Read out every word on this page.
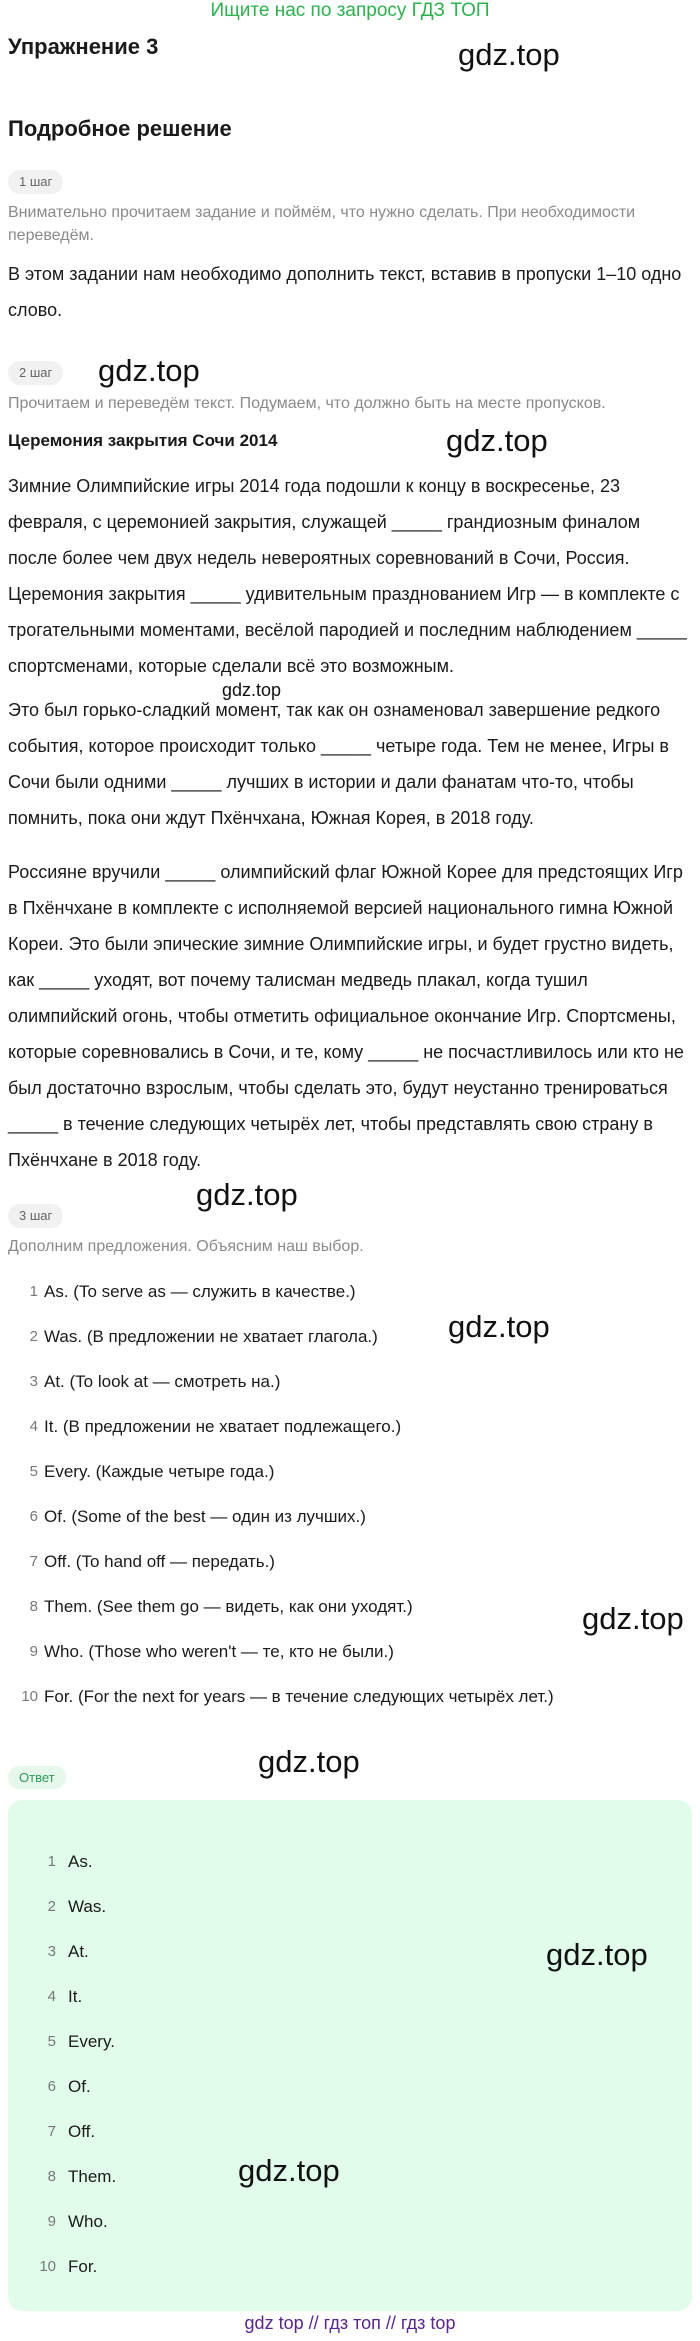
Ищите нас по запросу ГДЗ ТОП
Упражнение 3	gdz.top
Подробное решение
1 шаг
Внимательно прочитаем задание и поймём, что нужно сделать. При необходимости переведём.
В этом задании нам необходимо дополнить текст, вставив в пропуски 1–10 одно слово.
2 шаг	gdz.top
Прочитаем и переведём текст. Подумаем, что должно быть на месте пропусков.
Церемония закрытия Сочи 2014	gdz.top
Зимние Олимпийские игры 2014 года подошли к концу в воскресенье, 23 февраля, с церемонией закрытия, служащей _____ грандиозным финалом после более чем двух недель невероятных соревнований в Сочи, Россия. Церемония закрытия _____ удивительным празднованием Игр — в комплекте с трогательными моментами, весёлой пародией и последним наблюдением _____ спортсменами, которые сделали всё это возможным.
gdz.top
Это был горько-сладкий момент, так как он ознаменовал завершение редкого события, которое происходит только _____ четыре года. Тем не менее, Игры в Сочи были одними _____ лучших в истории и дали фанатам что-то, чтобы помнить, пока они ждут Пхёнчхана, Южная Корея, в 2018 году.
Россияне вручили _____ олимпийский флаг Южной Корее для предстоящих Игр в Пхёнчхане в комплекте с исполняемой версией национального гимна Южной Кореи. Это были эпические зимние Олимпийские игры, и будет грустно видеть, как _____ уходят, вот почему талисман медведь плакал, когда тушил олимпийский огонь, чтобы отметить официальное окончание Игр. Спортсмены, которые соревновались в Сочи, и те, кому _____ не посчастливилось или кто не был достаточно взрослым, чтобы сделать это, будут неустанно тренироваться _____ в течение следующих четырёх лет, чтобы представлять свою страну в Пхёнчхане в 2018 году.
gdz.top
3 шаг
Дополним предложения. Объясним наш выбор.
1 As. (To serve as — служить в качестве.)
2 Was. (В предложении не хватает глагола.)
3 At. (To look at — смотреть на.)
4 It. (В предложении не хватает подлежащего.)
5 Every. (Каждые четыре года.)
6 Of. (Some of the best — один из лучших.)
7 Off. (To hand off — передать.)
8 Them. (See them go — видеть, как они уходят.)
9 Who. (Those who weren't — те, кто не были.)
10 For. (For the next for years — в течение следующих четырёх лет.)
gdz.top
gdz.top
gdz.top
Ответ
1 As.
2 Was.
3 At.
4 It.
5 Every.
6 Of.
7 Off.
8 Them.
9 Who.
10 For.
gdz.top
gdz.top
gdz top // гдз топ // гдз top
